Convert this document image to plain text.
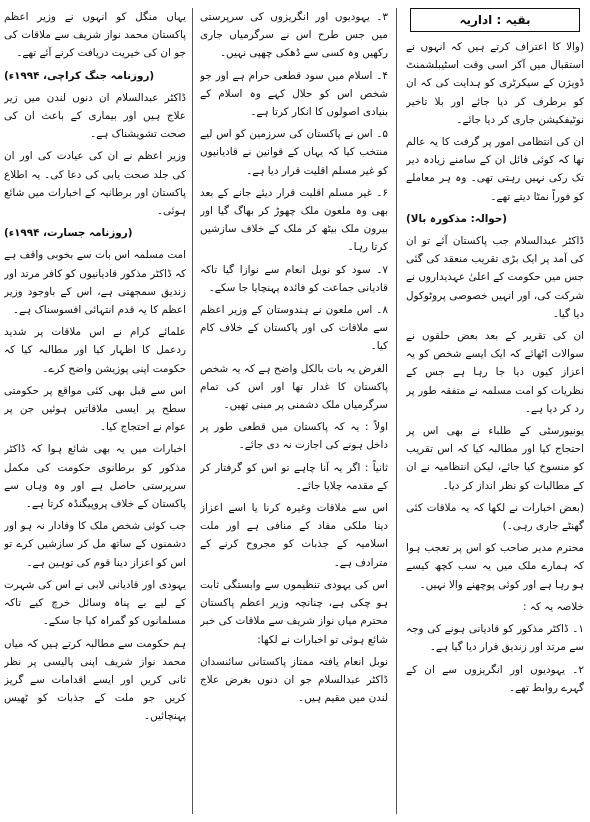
بقیہ : اداریہ

(والا کا اعتراف کرتے ہیں کہ انہوں نے استقبال میں آکر اسی وقت اسٹیبلشمنٹ ڈویژن کے سیکرٹری کو ہدایت کی کہ ان کو برطرف کر دیا جائے اور بلا تاخیر نوٹیفکیشن جاری کر دیا جائے۔

ان کی انتظامی امور پر گرفت کا یہ عالم تھا کہ کوئی فائل ان کے سامنے زیادہ دیر تک رکی نہیں رہتی تھی۔ وہ ہر معاملے کو فوراً نمٹا دیتے تھے۔

(حوالہ: مذکورہ بالا)

ڈاکٹر عبدالسلام جب پاکستان آئے تو ان کی آمد پر ایک بڑی تقریب منعقد کی گئی جس میں حکومت کے اعلیٰ عہدیداروں نے شرکت کی، اور انہیں خصوصی پروٹوکول دیا گیا۔

ان کی تقریر کے بعد بعض حلقوں نے سوالات اٹھائے کہ ایک ایسے شخص کو یہ اعزاز کیوں دیا جا رہا ہے جس کے نظریات کو امت مسلمہ نے متفقہ طور پر رد کر دیا ہے۔

یونیورسٹی کے طلباء نے بھی اس پر احتجاج کیا اور مطالبہ کیا کہ اس تقریب کو منسوخ کیا جائے، لیکن انتظامیہ نے ان کے مطالبات کو نظر انداز کر دیا۔

(بعض اخبارات نے لکھا کہ یہ ملاقات کئی گھنٹے جاری رہی۔)

محترم مدیر صاحب کو اس پر تعجب ہوا کہ ہمارے ملک میں یہ سب کچھ کیسے ہو رہا ہے اور کوئی پوچھنے والا نہیں۔

خلاصہ یہ کہ :

۱۔ ڈاکٹر مذکور کو قادیانی ہونے کی وجہ سے مرتد اور زندیق قرار دیا گیا ہے۔

۲۔ یہودیوں اور انگریزوں سے ان کے گہرے روابط تھے۔

۳۔ یہودیوں اور انگریزوں کی سرپرستی میں جس طرح اس نے سرگرمیاں جاری رکھیں وہ کسی سے ڈھکی چھپی نہیں۔

۴۔ اسلام میں سود قطعی حرام ہے اور جو شخص اس کو حلال کہے وہ اسلام کے بنیادی اصولوں کا انکار کرتا ہے۔

۵۔ اس نے پاکستان کی سرزمین کو اس لیے منتخب کیا کہ یہاں کے قوانین نے قادیانیوں کو غیر مسلم اقلیت قرار دیا ہے۔

۶۔ غیر مسلم اقلیت قرار دیئے جانے کے بعد بھی وہ ملعون ملک چھوڑ کر بھاگ گیا اور بیرون ملک بیٹھ کر ملک کے خلاف سازشیں کرتا رہا۔

۷۔ سود کو نوبل انعام سے نوازا گیا تاکہ قادیانی جماعت کو فائدہ پہنچایا جا سکے۔

۸۔ اس ملعون نے ہندوستان کے وزیر اعظم سے ملاقات کی اور پاکستان کے خلاف کام کیا۔

الغرض یہ بات بالکل واضح ہے کہ یہ شخص پاکستان کا غدار تھا اور اس کی تمام سرگرمیاں ملک دشمنی پر مبنی تھیں۔

اولاً : یہ کہ پاکستان میں قطعی طور پر داخل ہونے کی اجازت نہ دی جائے۔

ثانیاً : اگر یہ آنا چاہے تو اس کو گرفتار کر کے مقدمہ چلایا جائے۔

اس سے ملاقات وغیرہ کرنا یا اسے اعزاز دینا ملکی مفاد کے منافی ہے اور ملت اسلامیہ کے جذبات کو مجروح کرنے کے مترادف ہے۔

اس کی یہودی تنظیموں سے وابستگی ثابت ہو چکی ہے، چنانچہ وزیر اعظم پاکستان محترم میاں نواز شریف سے ملاقات کی خبر شائع ہوئی تو اخبارات نے لکھا:

نوبل انعام یافتہ ممتاز پاکستانی سائنسدان ڈاکٹر عبدالسلام جو ان دنوں بغرض علاج لندن میں مقیم ہیں۔

یہاں منگل کو انہوں نے وزیر اعظم پاکستان محمد نواز شریف سے ملاقات کی جو ان کی خیریت دریافت کرنے آئے تھے۔

(روزنامہ جنگ کراچی، ۱۹۹۴ء)

ڈاکٹر عبدالسلام ان دنوں لندن میں زیر علاج ہیں اور بیماری کے باعث ان کی صحت تشویشناک ہے۔

وزیر اعظم نے ان کی عیادت کی اور ان کی جلد صحت یابی کی دعا کی۔ یہ اطلاع پاکستان اور برطانیہ کے اخبارات میں شائع ہوئی۔

(روزنامہ جسارت، ۱۹۹۴ء)

امت مسلمہ اس بات سے بخوبی واقف ہے کہ ڈاکٹر مذکور قادیانیوں کو کافر مرتد اور زندیق سمجھتی ہے، اس کے باوجود وزیر اعظم کا یہ قدم انتہائی افسوسناک ہے۔

علمائے کرام نے اس ملاقات پر شدید ردعمل کا اظہار کیا اور مطالبہ کیا کہ حکومت اپنی پوزیشن واضح کرے۔

اس سے قبل بھی کئی مواقع پر حکومتی سطح پر ایسی ملاقاتیں ہوئیں جن پر عوام نے احتجاج کیا۔

اخبارات میں یہ بھی شائع ہوا کہ ڈاکٹر مذکور کو برطانوی حکومت کی مکمل سرپرستی حاصل ہے اور وہ وہاں سے پاکستان کے خلاف پروپیگنڈہ کرتا ہے۔

جب کوئی شخص ملک کا وفادار نہ ہو اور دشمنوں کے ساتھ مل کر سازشیں کرے تو اس کو اعزاز دینا قوم کی توہین ہے۔

یہودی اور قادیانی لابی نے اس کی شہرت کے لیے بے پناہ وسائل خرچ کیے تاکہ مسلمانوں کو گمراہ کیا جا سکے۔

ہم حکومت سے مطالبہ کرتے ہیں کہ میاں محمد نواز شریف اپنی پالیسی پر نظر ثانی کریں اور ایسے اقدامات سے گریز کریں جو ملت کے جذبات کو ٹھیس پہنچائیں۔
